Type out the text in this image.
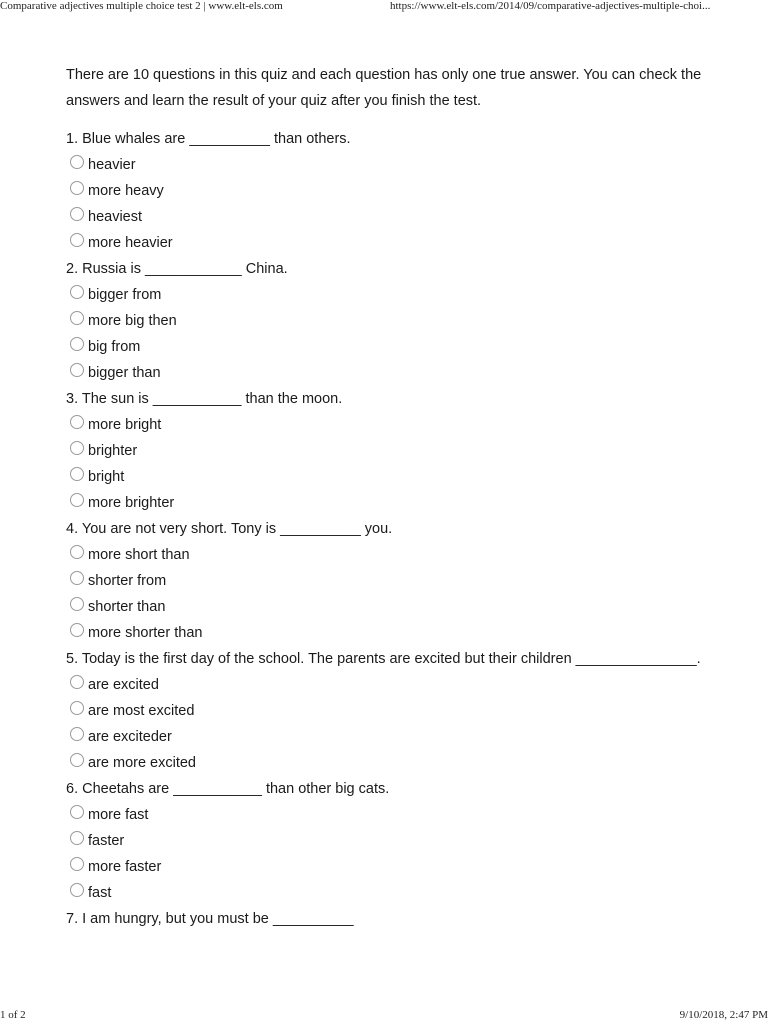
Comparative adjectives multiple choice test 2 | www.elt-els.com	https://www.elt-els.com/2014/09/comparative-adjectives-multiple-choi...

There are 10 questions in this quiz and each question has only one true answer. You can check the answers and learn the result of your quiz after you finish the test.

1. Blue whales are __________ than others.

heavier
more heavy
heaviest
more heavier

2. Russia is ____________ China.

bigger from
more big then
big from
bigger than

3. The sun is ___________ than the moon.

more bright
brighter
bright
more brighter

4. You are not very short. Tony is __________ you.

more short than
shorter from
shorter than
more shorter than

5. Today is the first day of the school. The parents are excited but their children _______________.

are excited
are most excited
are exciteder
are more excited

6. Cheetahs are ___________ than other big cats.

more fast
faster
more faster
fast

7. I am hungry, but you must be __________

1 of 2	9/10/2018, 2:47 PM
